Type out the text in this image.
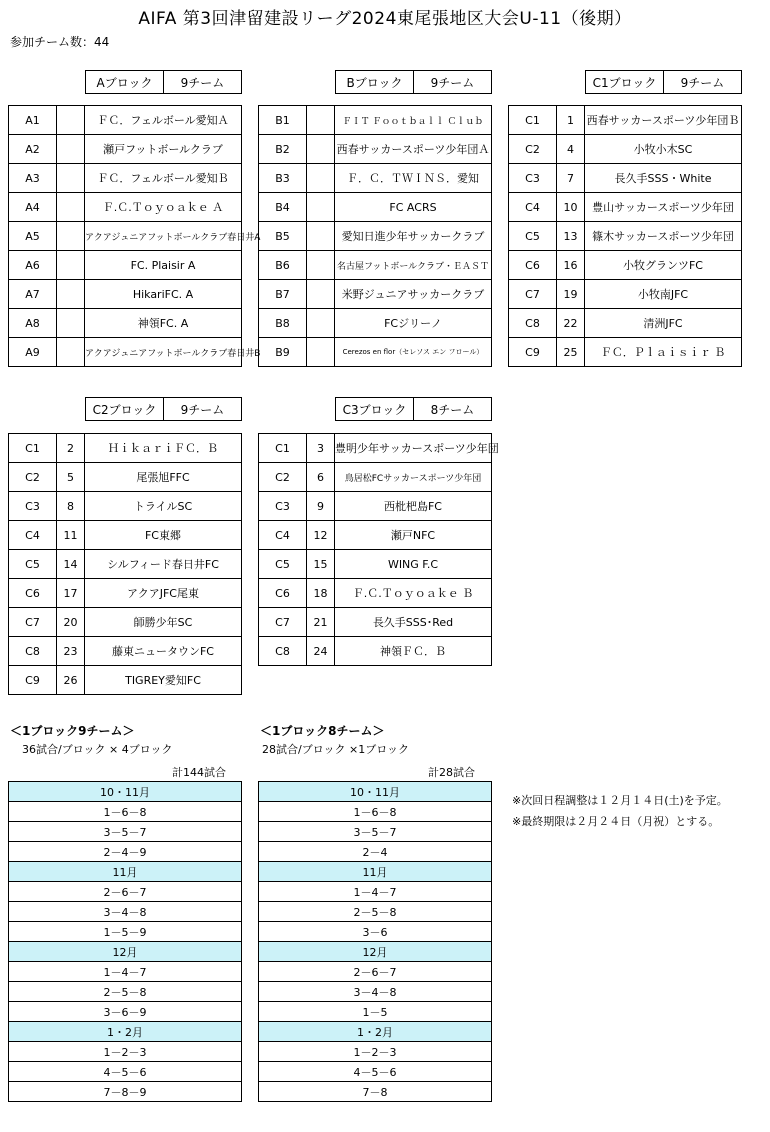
AIFA 第3回津留建設リーグ2024東尾張地区大会U-11（後期）
参加チーム数：44
Aブロック	9チーム	Bブロック	9チーム	C1ブロック	9チーム
C2ブロック	9チーム	C3ブロック	8チーム
A1		ＦＣ．フェルボール愛知Ａ
A2		瀬戸フットボールクラブ
A3		ＦＣ．フェルボール愛知Ｂ
A4		Ｆ.Ｃ.Ｔｏｙｏａｋｅ Ａ
A5		アクアジュニアフットボールクラブ春日井A
A6		FC. Plaisir A
A7		HikariFC. A
A8		神領FC. A
A9		アクアジュニアフットボールクラブ春日井B
B1		ＦＩＴ Ｆｏｏｔｂａｌｌ Ｃｌｕｂ
B2		西春サッカースポーツ少年団Ａ
B3		Ｆ．Ｃ．ＴＷＩＮＳ．愛知
B4		FC ACRS
B5		愛知日進少年サッカークラブ
B6		名古屋フットボールクラブ・ＥＡＳＴ
B7		米野ジュニアサッカークラブ
B8		FCジリーノ
B9		Cerezos en flor（セレソス エン フロール）
C1	1	西春サッカースポーツ少年団Ｂ
C2	4	小牧小木SC
C3	7	長久手SSS・White
C4	10	豊山サッカースポーツ少年団
C5	13	篠木サッカースポーツ少年団
C6	16	小牧グランツFC
C7	19	小牧南JFC
C8	22	清洲JFC
C9	25	ＦＣ．Ｐｌａｉｓｉｒ Ｂ
C1	2	ＨｉｋａｒｉＦＣ．Ｂ
C2	5	尾張旭FFC
C3	8	トライルSC
C4	11	FC東郷
C5	14	シルフィード春日井FC
C6	17	アクアJFC尾東
C7	20	師勝少年SC
C8	23	藤東ニュータウンFC
C9	26	TIGREY愛知FC
C1	3	豊明少年サッカースポーツ少年団
C2	6	鳥居松FCサッカースポーツ少年団
C3	9	西枇杷島FC
C4	12	瀬戸NFC
C5	15	WING F.C
C6	18	Ｆ.Ｃ.Ｔｏｙｏａｋｅ Ｂ
C7	21	長久手SSS･Red
C8	24	神領ＦＣ．Ｂ
＜1ブロック9チーム＞
36試合/ブロック × 4ブロック
計144試合
＜1ブロック8チーム＞
28試合/ブロック ×1ブロック
計28試合
10・11月
1－6－8
3－5－7
2－4－9
11月
2－6－7
3－4－8
1－5－9
12月
1－4－7
2－5－8
3－6－9
1・2月
1－2－3
4－5－6
7－8－9
10・11月
1－6－8
3－5－7
2－4
11月
1－4－7
2－5－8
3－6
12月
2－6－7
3－4－8
1－5
1・2月
1－2－3
4－5－6
7－8
※次回日程調整は１２月１４日(土)を予定。
※最終期限は２月２４日（月祝）とする。
